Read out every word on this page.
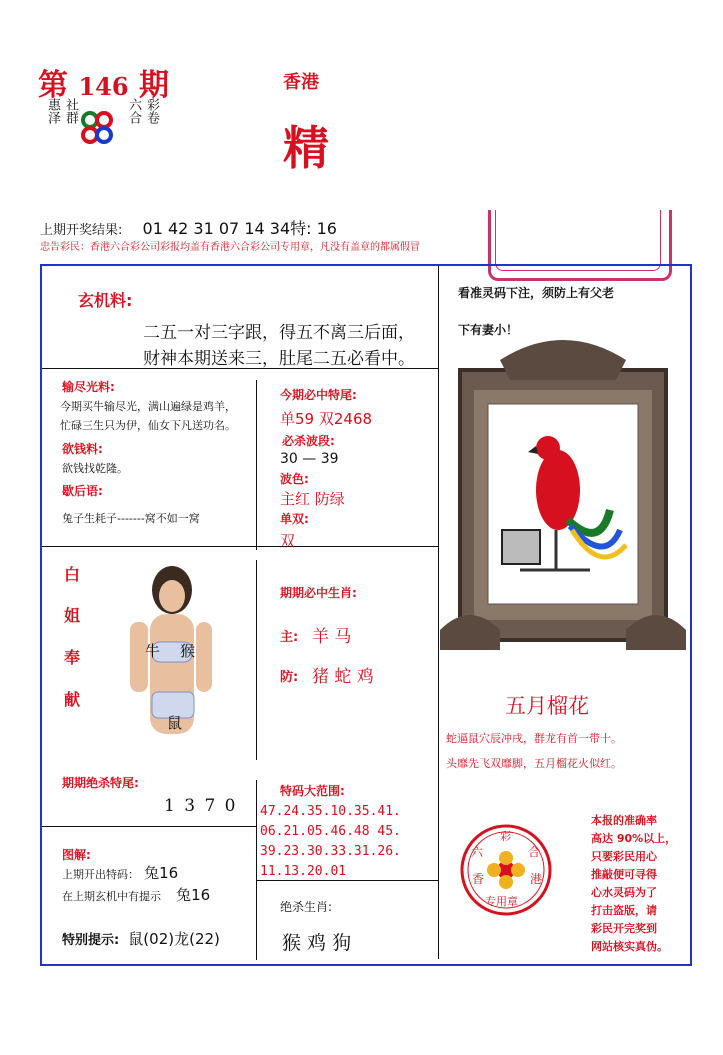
第 146 期
惠泽 社群	六合 彩卷
香港
精
上期开奖结果: 01 42 31 07 14 34特: 16
忠告彩民：香港六合彩公司彩报均盖有香港六合彩公司专用章，凡没有盖章的都属假冒
玄机料:
二五一对三字跟，得五不离三后面，
财神本期送来三，肚尾二五必看中。
输尽光料:
今期买牛输尽光，满山遍绿是鸡羊，
忙碌三生只为伊，仙女下凡送功名。
欲钱料:
欲钱找乾隆。
歇后语:
兔子生耗子-------窝不如一窝
今期必中特尾:
单59 双2468
必杀波段:
30 — 39
波色:
主红 防绿
单双:
双
期期必中生肖:
主: 羊 马
防: 猪 蛇 鸡
白
姐
奉
献
牛 猴
鼠
看准灵码下注，须防上有父老
下有妻小！
五月榴花
蛇逼鼠穴辰冲戌，群龙有首一带十。
头靡先飞双靡脚，五月榴花火似红。
彩
六	合
香	港
专用章
本报的准确率
高达 90%以上，
只要彩民用心
推敲便可寻得
心水灵码为了
打击盗版，请
彩民开完奖到
网站核实真伪。
期期绝杀特尾:
1 3 7 0
图解:
上期开出特码： 兔16
在上期玄机中有提示 兔16
特别提示: 鼠(02)龙(22)
特码大范围:
47.24.35.10.35.41.
06.21.05.46.48 45.
39.23.30.33.31.26.
11.13.20.01
绝杀生肖:
猴 鸡 狗
